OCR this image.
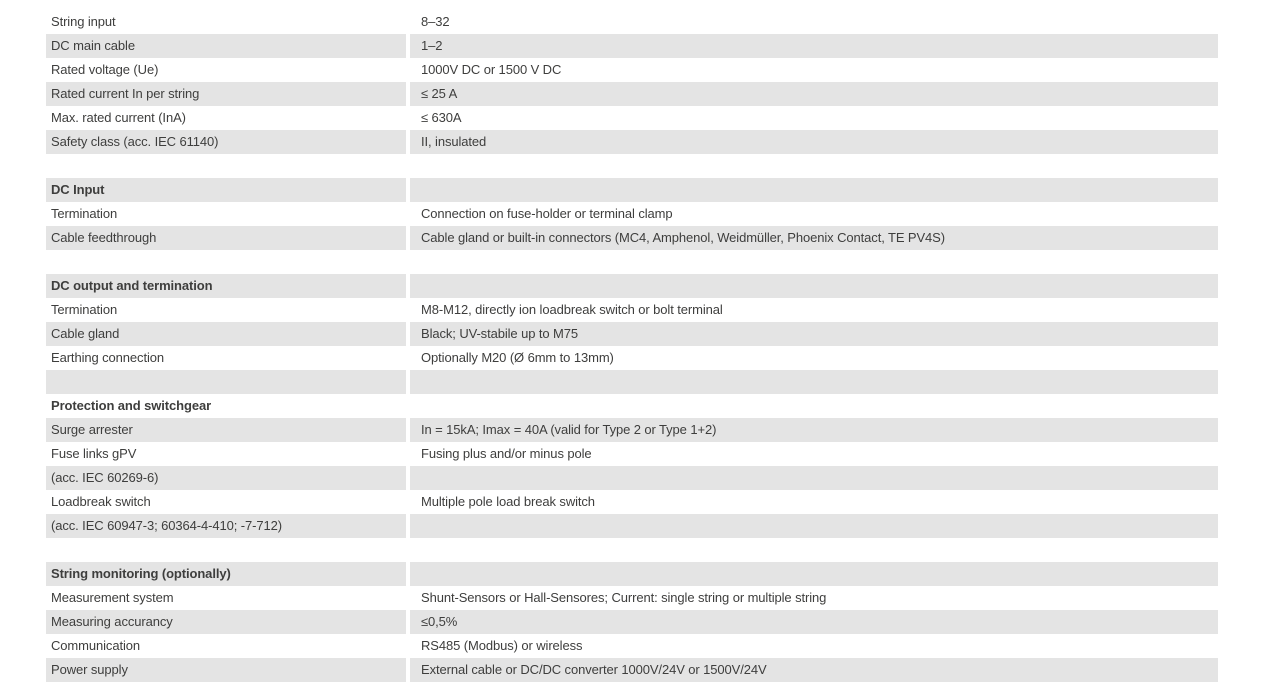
String input	8–32
DC main cable	1–2
Rated voltage (Ue)	1000V DC or 1500 V DC
Rated current In per string	≤ 25 A
Max. rated current (InA)	≤ 630A
Safety class (acc. IEC 61140)	II, insulated
DC Input
Termination	Connection on fuse-holder or terminal clamp
Cable feedthrough	Cable gland or built-in connectors (MC4, Amphenol, Weidmüller, Phoenix Contact, TE PV4S)
DC output and termination
Termination	M8-M12, directly ion loadbreak switch or bolt terminal
Cable gland	Black; UV-stabile up to M75
Earthing connection	Optionally M20 (Ø 6mm to 13mm)
Protection and switchgear
Surge arrester	In = 15kA; Imax = 40A (valid for Type 2 or Type 1+2)
Fuse links gPV	Fusing plus and/or minus pole
(acc. IEC 60269-6)
Loadbreak switch	Multiple pole load break switch
(acc. IEC 60947-3; 60364-4-410; -7-712)
String monitoring (optionally)
Measurement system	Shunt-Sensors or Hall-Sensores; Current: single string or multiple string
Measuring accurancy	≤0,5%
Communication	RS485 (Modbus) or wireless
Power supply	External cable or DC/DC converter 1000V/24V or 1500V/24V
